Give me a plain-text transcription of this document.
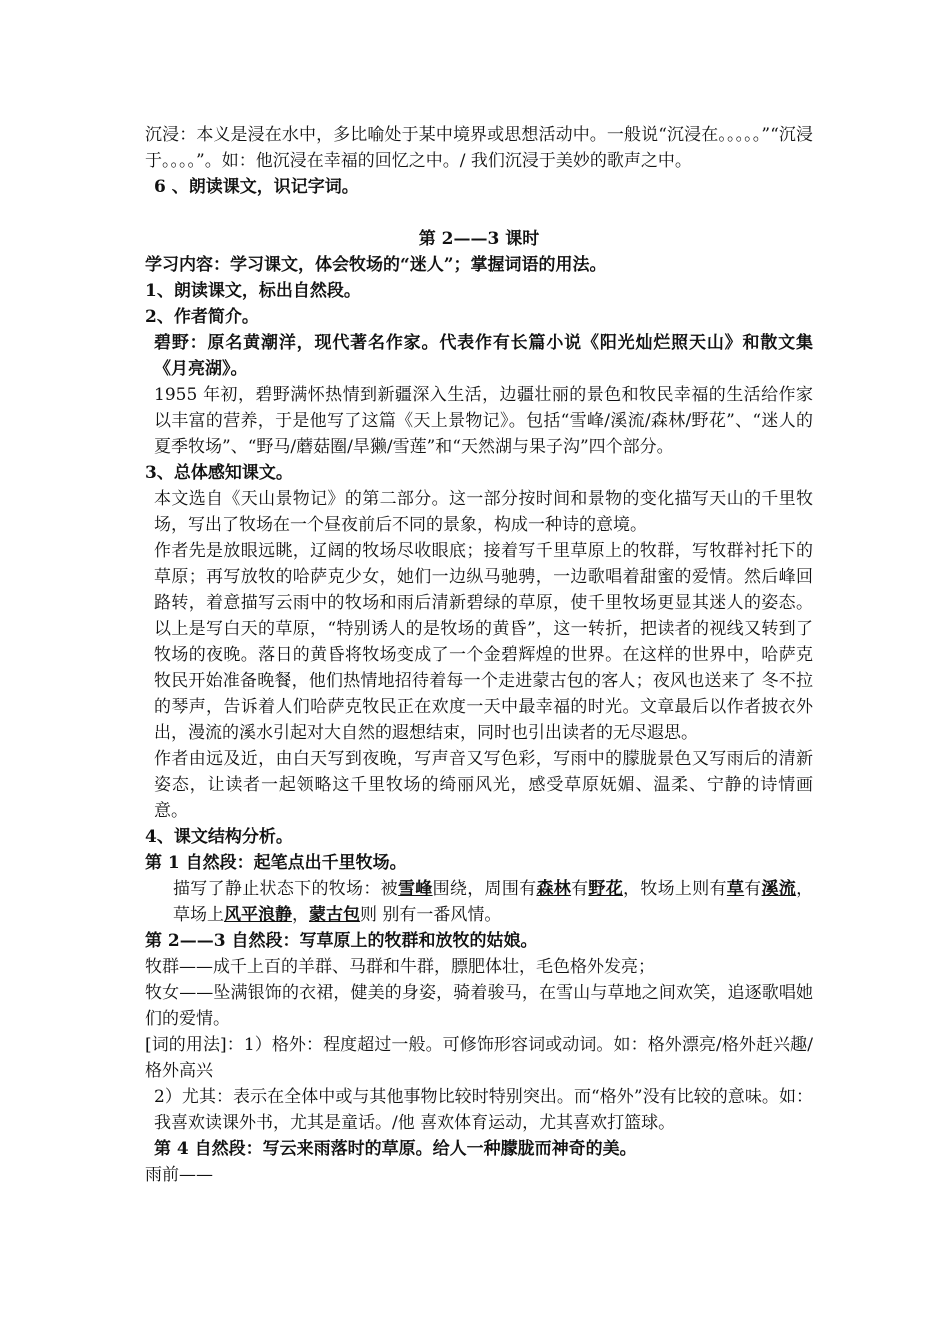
沉浸：本义是浸在水中，多比喻处于某中境界或思想活动中。一般说“沉浸在。。。。。”“沉浸于。。。。”。如：他沉浸在幸福的回忆之中。/ 我们沉浸于美妙的歌声之中。

6 、朗读课文，识记字词。

第 2——3 课时

学习内容：学习课文，体会牧场的“迷人”；掌握词语的用法。

1、朗读课文，标出自然段。

2、作者简介。

碧野：原名黄潮洋，现代著名作家。代表作有长篇小说《阳光灿烂照天山》和散文集《月亮湖》。

1955 年初，碧野满怀热情到新疆深入生活，边疆壮丽的景色和牧民幸福的生活给作家以丰富的营养，于是他写了这篇《天上景物记》。包括“雪峰/溪流/森林/野花”、“迷人的夏季牧场”、“野马/蘑菇圈/旱獭/雪莲”和“天然湖与果子沟”四个部分。

3、总体感知课文。

本文选自《天山景物记》的第二部分。这一部分按时间和景物的变化描写天山的千里牧场，写出了牧场在一个昼夜前后不同的景象，构成一种诗的意境。

作者先是放眼远眺，辽阔的牧场尽收眼底；接着写千里草原上的牧群，写牧群衬托下的草原；再写放牧的哈萨克少女，她们一边纵马驰骋，一边歌唱着甜蜜的爱情。然后峰回路转，着意描写云雨中的牧场和雨后清新碧绿的草原，使千里牧场更显其迷人的姿态。以上是写白天的草原，“特别诱人的是牧场的黄昏”，这一转折，把读者的视线又转到了牧场的夜晚。落日的黄昏将牧场变成了一个金碧辉煌的世界。在这样的世界中，哈萨克牧民开始准备晚餐，他们热情地招待着每一个走进蒙古包的客人；夜风也送来了 冬不拉的琴声，告诉着人们哈萨克牧民正在欢度一天中最幸福的时光。文章最后以作者披衣外出，漫流的溪水引起对大自然的遐想结束，同时也引出读者的无尽遐思。

作者由远及近，由白天写到夜晚，写声音又写色彩，写雨中的朦胧景色又写雨后的清新姿态，让读者一起领略这千里牧场的绮丽风光，感受草原妩媚、温柔、宁静的诗情画意。

4、课文结构分析。

第 1 自然段：起笔点出千里牧场。

描写了静止状态下的牧场：被雪峰围绕，周围有森林有野花，牧场上则有草有溪流，草场上风平浪静，蒙古包则 别有一番风情。

第 2——3 自然段：写草原上的牧群和放牧的姑娘。

牧群——成千上百的羊群、马群和牛群，膘肥体壮，毛色格外发亮；

牧女——坠满银饰的衣裙，健美的身姿，骑着骏马，在雪山与草地之间欢笑，追逐歌唱她们的爱情。

[词的用法]：1）格外：程度超过一般。可修饰形容词或动词。如：格外漂亮/格外赶兴趣/格外高兴

2）尤其：表示在全体中或与其他事物比较时特别突出。而“格外”没有比较的意味。如：我喜欢读课外书，尤其是童话。/他 喜欢体育运动，尤其喜欢打篮球。

第 4 自然段：写云来雨落时的草原。给人一种朦胧而神奇的美。

雨前——
